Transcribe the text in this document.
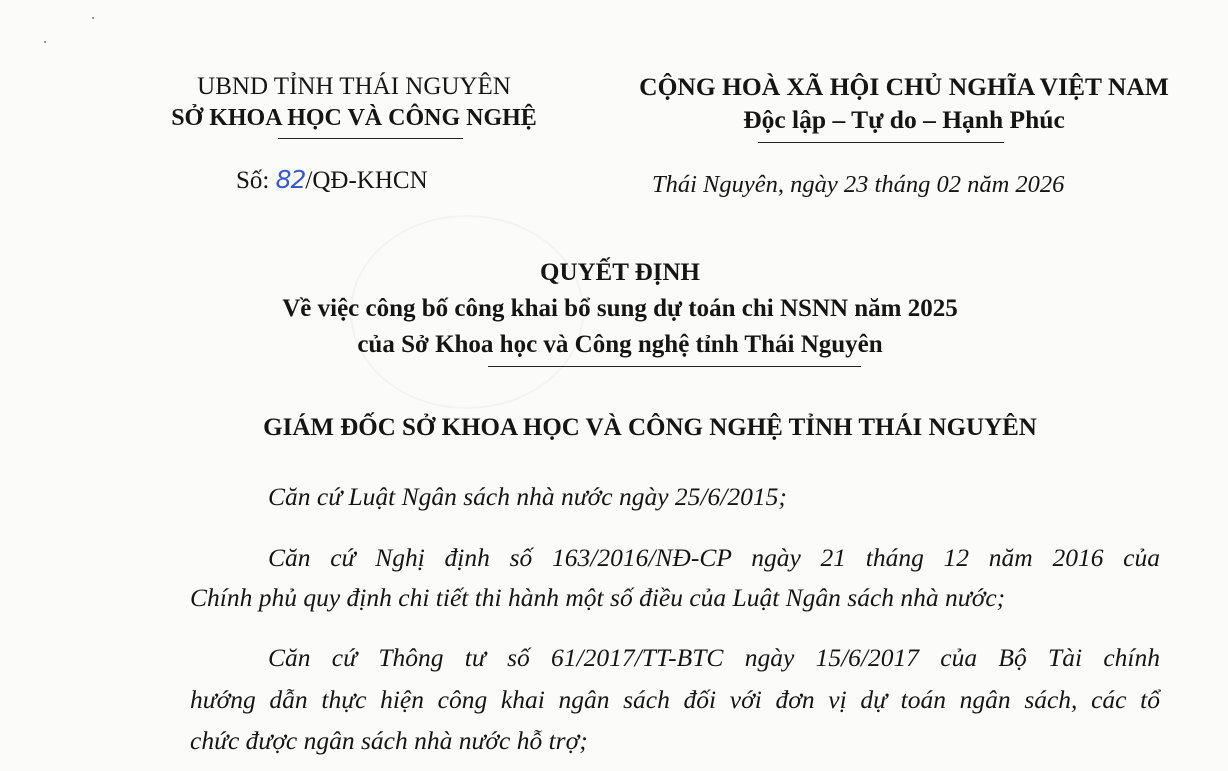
UBND TỈNH THÁI NGUYÊN
SỞ KHOA HỌC VÀ CÔNG NGHỆ
Số: 82/QĐ-KHCN
CỘNG HOÀ XÃ HỘI CHỦ NGHĨA VIỆT NAM
Độc lập – Tự do – Hạnh Phúc
Thái Nguyên, ngày 23 tháng 02 năm 2026
QUYẾT ĐỊNH
Về việc công bố công khai bổ sung dự toán chi NSNN năm 2025
của Sở Khoa học và Công nghệ tỉnh Thái Nguyên
GIÁM ĐỐC SỞ KHOA HỌC VÀ CÔNG NGHỆ TỈNH THÁI NGUYÊN
Căn cứ Luật Ngân sách nhà nước ngày 25/6/2015;
Căn cứ Nghị định số 163/2016/NĐ-CP ngày 21 tháng 12 năm 2016 của
Chính phủ quy định chi tiết thi hành một số điều của Luật Ngân sách nhà nước;
Căn cứ Thông tư số 61/2017/TT-BTC ngày 15/6/2017 của Bộ Tài chính
hướng dẫn thực hiện công khai ngân sách đối với đơn vị dự toán ngân sách, các tổ
chức được ngân sách nhà nước hỗ trợ;
